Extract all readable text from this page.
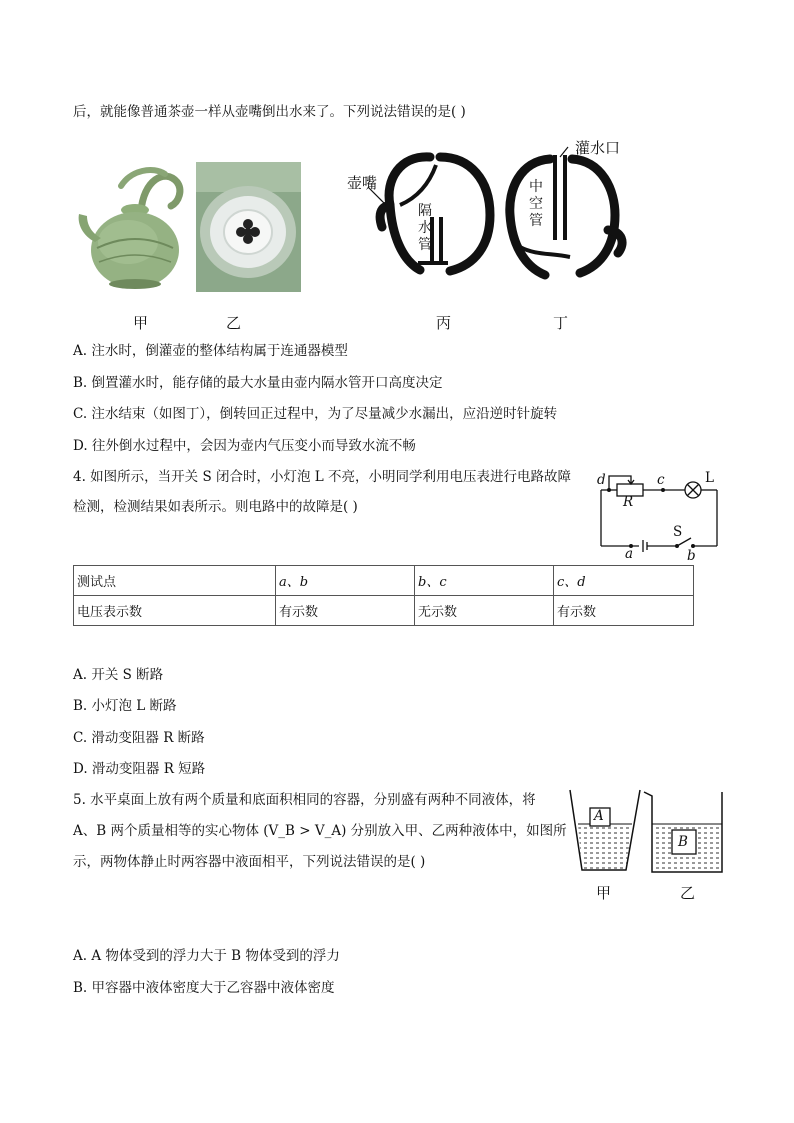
后，就能像普通茶壶一样从壶嘴倒出水来了。下列说法错误的是( )
甲	乙
壶嘴
隔
水
管
灌水口
中
空
管
丙	丁
A. 注水时，倒灌壶的整体结构属于连通器模型
B. 倒置灌水时，能存储的最大水量由壶内隔水管开口高度决定
C. 注水结束（如图丁），倒转回正过程中，为了尽量减少水漏出，应沿逆时针旋转
D. 往外倒水过程中，会因为壶内气压变小而导致水流不畅
4. 如图所示，当开关 S 闭合时，小灯泡 L 不亮，小明同学利用电压表进行电路故障
检测，检测结果如表所示。则电路中的故障是( )
d	c
R
L
S
a	b
测试点	a、b	b、c	c、d
电压表示数	有示数	无示数	有示数
A. 开关 S 断路
B. 小灯泡 L 断路
C. 滑动变阻器 R 断路
D. 滑动变阻器 R 短路
5. 水平桌面上放有两个质量和底面积相同的容器，分别盛有两种不同液体，将
A、B 两个质量相等的实心物体 (V_B > V_A) 分别放入甲、乙两种液体中，如图所
示，两物体静止时两容器中液面相平，下列说法错误的是( )
A
B
甲	乙
A. A 物体受到的浮力大于 B 物体受到的浮力
B. 甲容器中液体密度大于乙容器中液体密度
